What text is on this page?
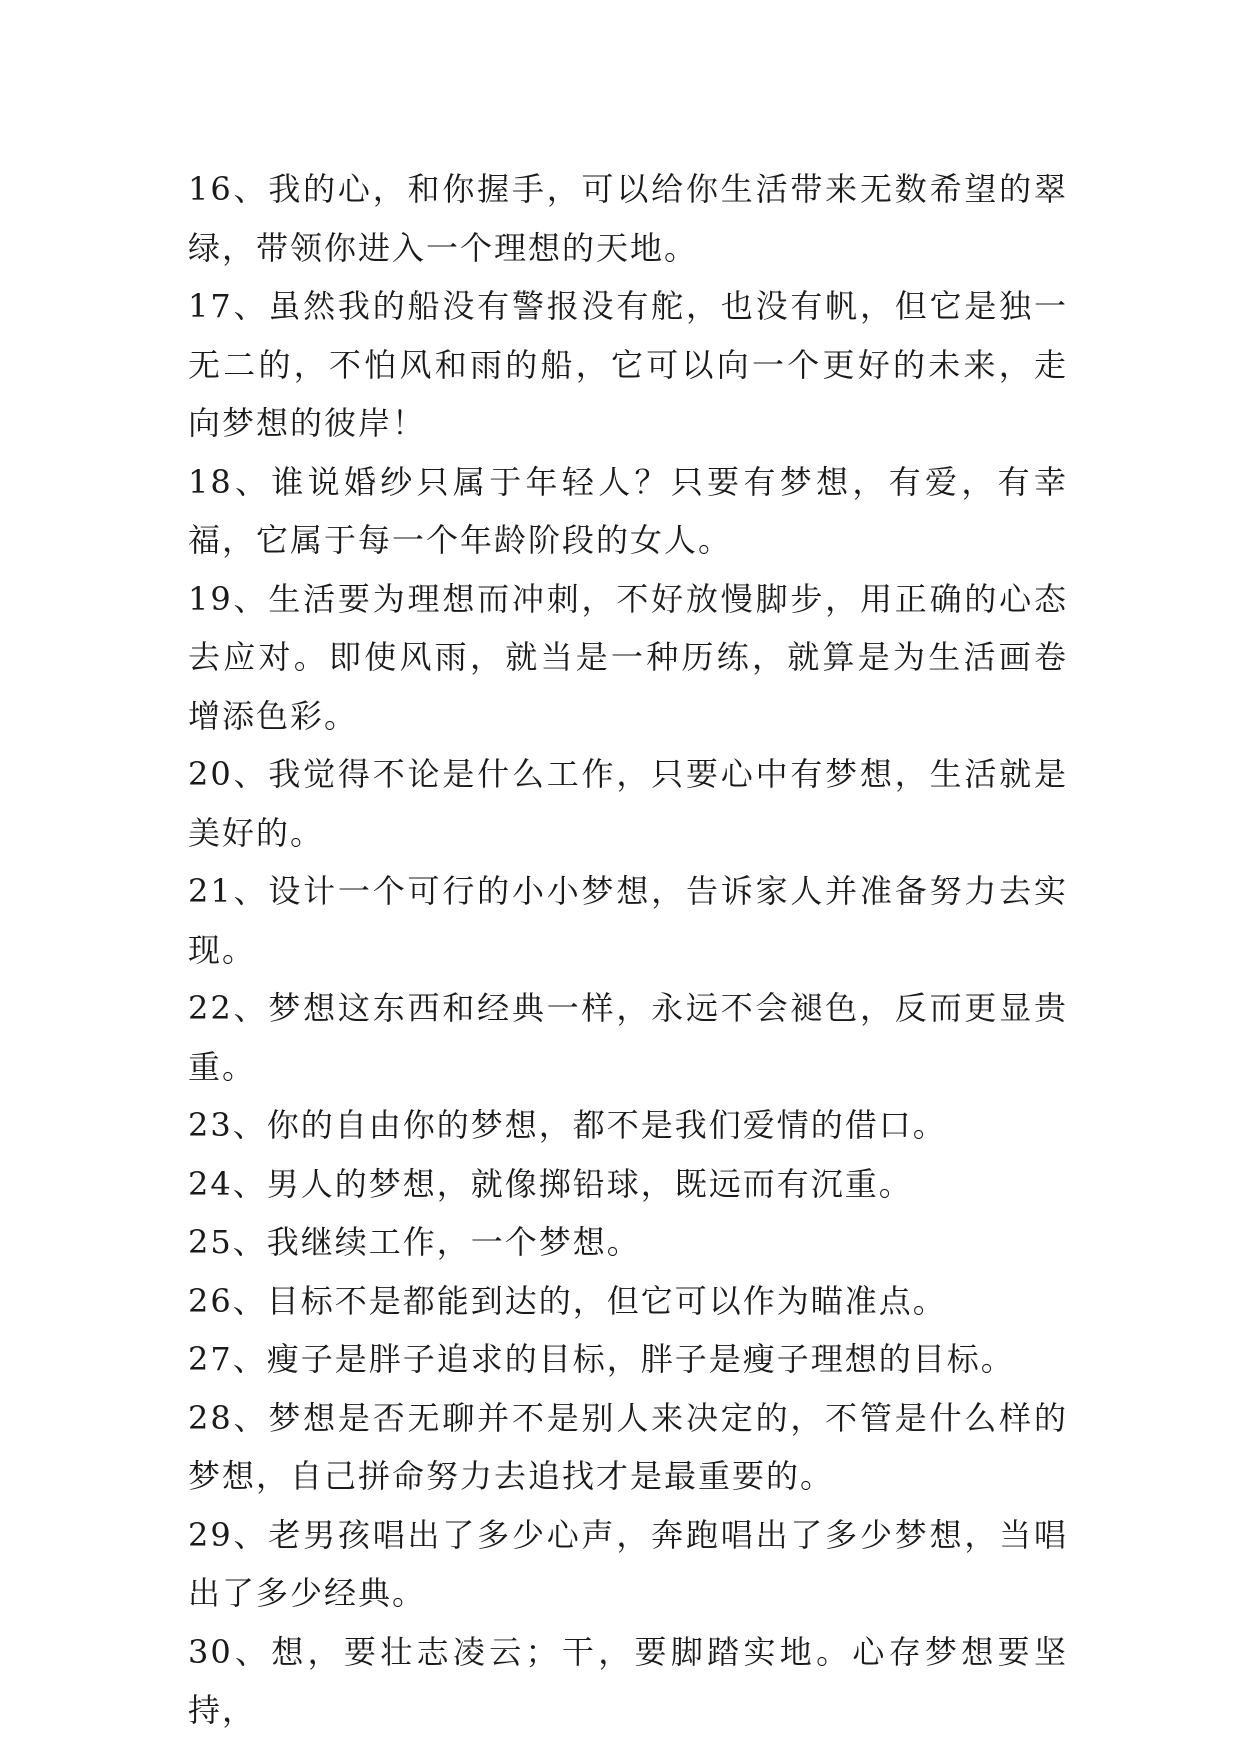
16、我的心，和你握手，可以给你生活带来无数希望的翠绿，带领你进入一个理想的天地。

17、虽然我的船没有警报没有舵，也没有帆，但它是独一无二的，不怕风和雨的船，它可以向一个更好的未来，走向梦想的彼岸！

18、谁说婚纱只属于年轻人？只要有梦想，有爱，有幸福，它属于每一个年龄阶段的女人。

19、生活要为理想而冲刺，不好放慢脚步，用正确的心态去应对。即使风雨，就当是一种历练，就算是为生活画卷增添色彩。

20、我觉得不论是什么工作，只要心中有梦想，生活就是美好的。

21、设计一个可行的小小梦想，告诉家人并准备努力去实现。

22、梦想这东西和经典一样，永远不会褪色，反而更显贵重。

23、你的自由你的梦想，都不是我们爱情的借口。

24、男人的梦想，就像掷铅球，既远而有沉重。

25、我继续工作，一个梦想。

26、目标不是都能到达的，但它可以作为瞄准点。

27、瘦子是胖子追求的目标，胖子是瘦子理想的目标。

28、梦想是否无聊并不是别人来决定的，不管是什么样的梦想，自己拼命努力去追找才是最重要的。

29、老男孩唱出了多少心声，奔跑唱出了多少梦想，当唱出了多少经典。

30、想，要壮志凌云；干，要脚踏实地。心存梦想要坚持，
